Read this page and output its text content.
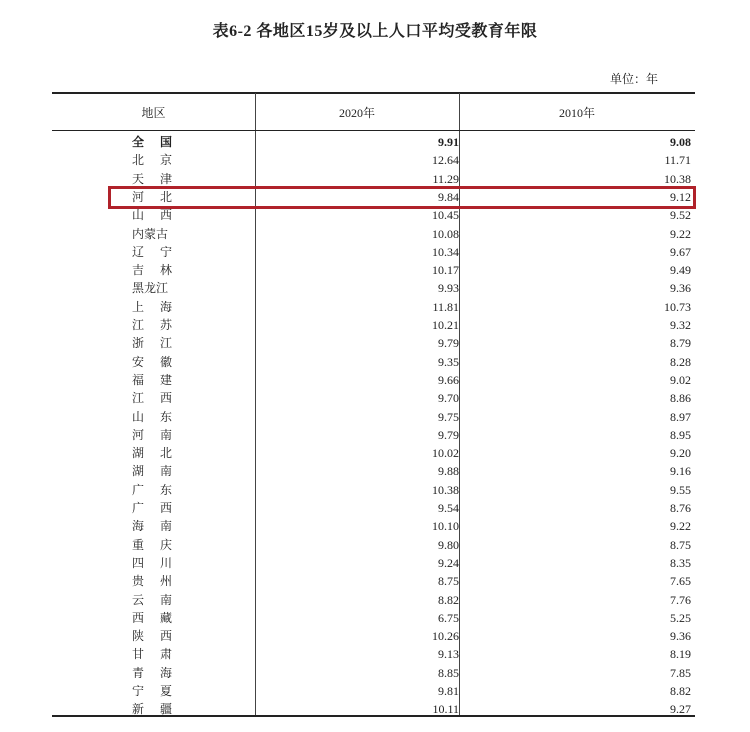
表6-2 各地区15岁及以上人口平均受教育年限
单位：年
地区	2020年	2010年
全国	9.91	9.08
北京	12.64	11.71
天津	11.29	10.38
河北	9.84	9.12
山西	10.45	9.52
内蒙古	10.08	9.22
辽宁	10.34	9.67
吉林	10.17	9.49
黑龙江	9.93	9.36
上海	11.81	10.73
江苏	10.21	9.32
浙江	9.79	8.79
安徽	9.35	8.28
福建	9.66	9.02
江西	9.70	8.86
山东	9.75	8.97
河南	9.79	8.95
湖北	10.02	9.20
湖南	9.88	9.16
广东	10.38	9.55
广西	9.54	8.76
海南	10.10	9.22
重庆	9.80	8.75
四川	9.24	8.35
贵州	8.75	7.65
云南	8.82	7.76
西藏	6.75	5.25
陕西	10.26	9.36
甘肃	9.13	8.19
青海	8.85	7.85
宁夏	9.81	8.82
新疆	10.11	9.27
